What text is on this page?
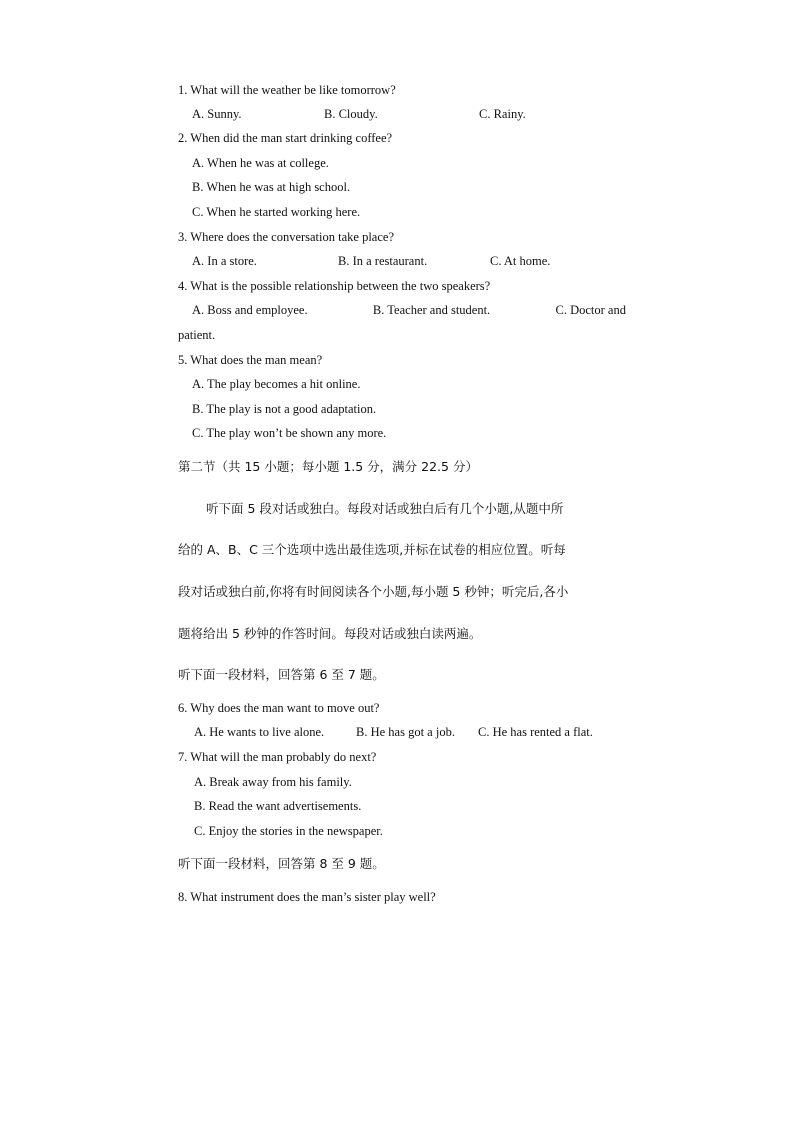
1. What will the weather be like tomorrow?
A. Sunny.	B. Cloudy.	C. Rainy.
2. When did the man start drinking coffee?
A. When he was at college.
B. When he was at high school.
C. When he started working here.
3. Where does the conversation take place?
A. In a store.	B. In a restaurant.	C. At home.
4. What is the possible relationship between the two speakers?
A. Boss and employee.	B. Teacher and student.	C. Doctor and
patient.
5. What does the man mean?
A. The play becomes a hit online.
B. The play is not a good adaptation.
C. The play won’t be shown any more.
第二节（共 15 小题；每小题 1.5 分，满分 22.5 分）
听下面 5 段对话或独白。每段对话或独白后有几个小题,从题中所
给的 A、B、C 三个选项中选出最佳选项,并标在试卷的相应位置。听每
段对话或独白前,你将有时间阅读各个小题,每小题 5 秒钟；听完后,各小
题将给出 5 秒钟的作答时间。每段对话或独白读两遍。
听下面一段材料，回答第 6 至 7 题。
6. Why does the man want to move out?
A. He wants to live alone.	B. He has got a job. C. He has rented a flat.
7. What will the man probably do next?
A. Break away from his family.
B. Read the want advertisements.
C. Enjoy the stories in the newspaper.
听下面一段材料，回答第 8 至 9 题。
8. What instrument does the man’s sister play well?
